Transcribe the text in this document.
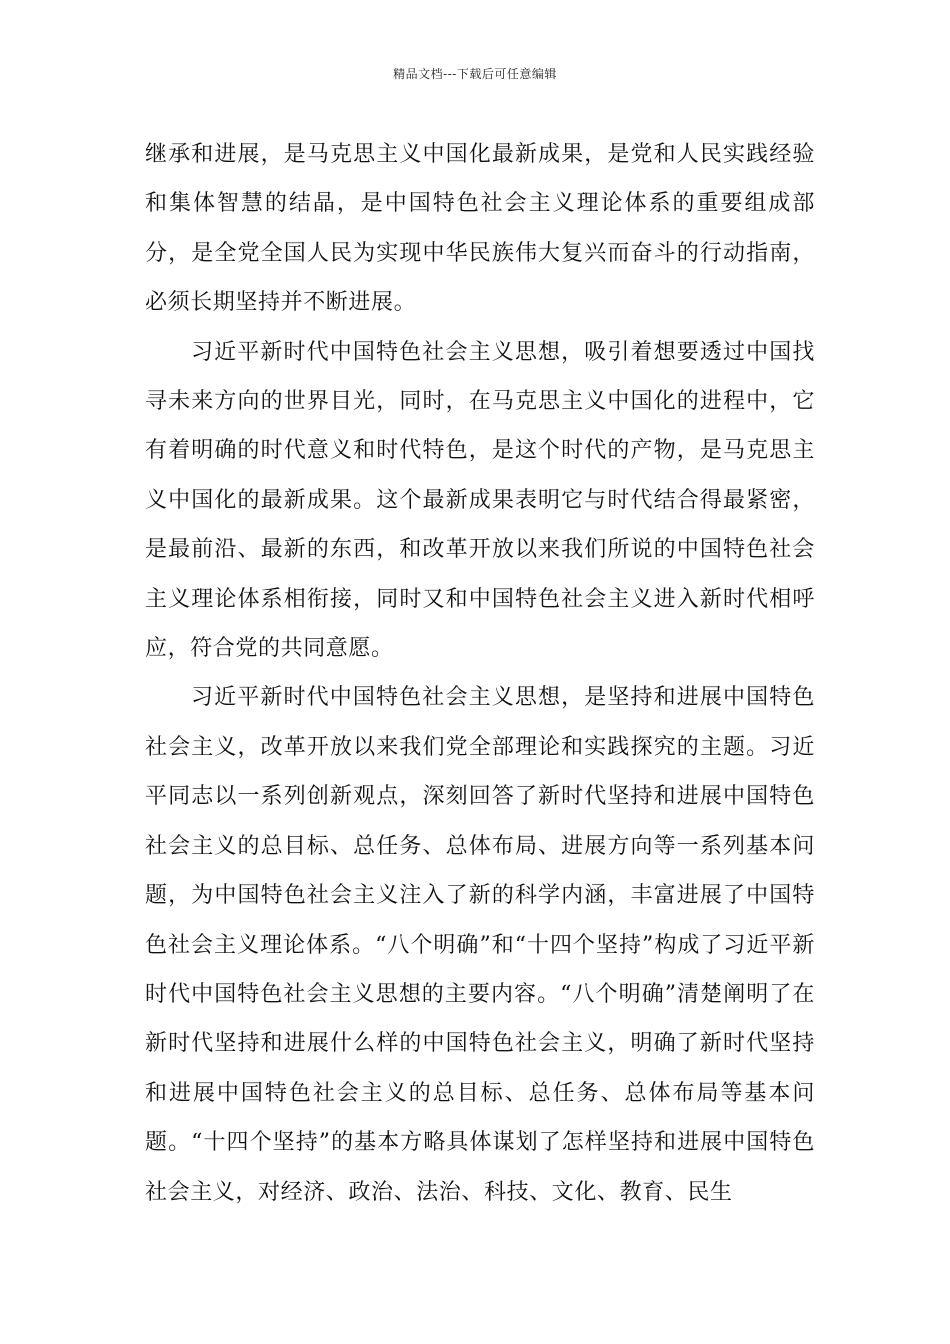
精品文档---下载后可任意编辑

继承和进展，是马克思主义中国化最新成果，是党和人民实践经验和集体智慧的结晶，是中国特色社会主义理论体系的重要组成部分，是全党全国人民为实现中华民族伟大复兴而奋斗的行动指南，必须长期坚持并不断进展。

习近平新时代中国特色社会主义思想，吸引着想要透过中国找寻未来方向的世界目光，同时，在马克思主义中国化的进程中，它有着明确的时代意义和时代特色，是这个时代的产物，是马克思主义中国化的最新成果。这个最新成果表明它与时代结合得最紧密，是最前沿、最新的东西，和改革开放以来我们所说的中国特色社会主义理论体系相衔接，同时又和中国特色社会主义进入新时代相呼应，符合党的共同意愿。

习近平新时代中国特色社会主义思想，是坚持和进展中国特色社会主义，改革开放以来我们党全部理论和实践探究的主题。习近平同志以一系列创新观点，深刻回答了新时代坚持和进展中国特色社会主义的总目标、总任务、总体布局、进展方向等一系列基本问题，为中国特色社会主义注入了新的科学内涵，丰富进展了中国特色社会主义理论体系。“八个明确”和“十四个坚持”构成了习近平新时代中国特色社会主义思想的主要内容。“八个明确”清楚阐明了在新时代坚持和进展什么样的中国特色社会主义，明确了新时代坚持和进展中国特色社会主义的总目标、总任务、总体布局等基本问题。“十四个坚持”的基本方略具体谋划了怎样坚持和进展中国特色社会主义，对经济、政治、法治、科技、文化、教育、民生
